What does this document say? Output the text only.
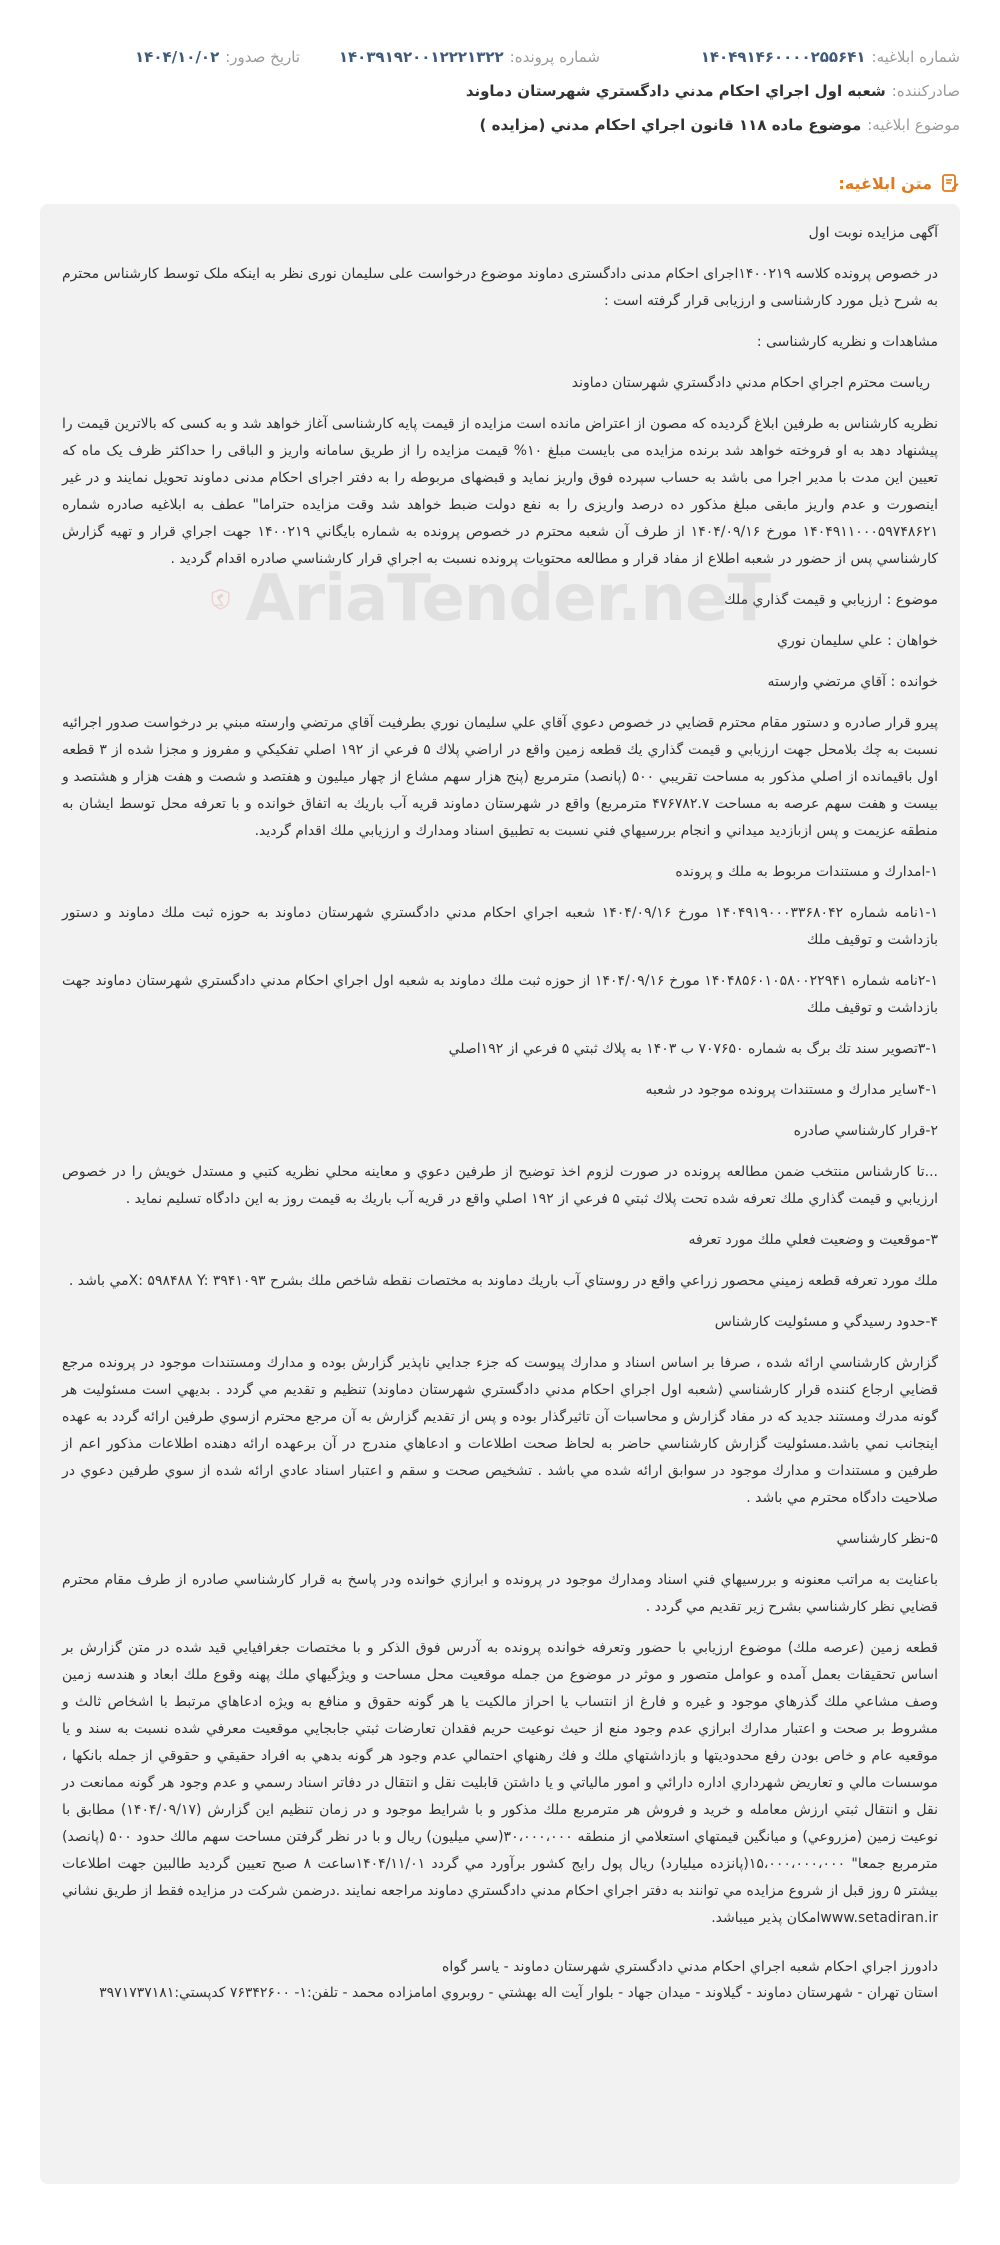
شماره ابلاغیه:۱۴۰۴۹۱۴۶۰۰۰۰۲۵۵۶۴۱
شماره پرونده:۱۴۰۳۹۱۹۲۰۰۱۲۲۲۱۳۲۲
تاریخ صدور:۱۴۰۴/۱۰/۰۲
صادرکننده:شعبه اول اجراي احكام مدني دادگستري شهرستان دماوند
موضوع ابلاغیه:موضوع ماده ۱۱۸ قانون اجراي احكام مدني (مزايده )
متن ابلاغیه:
AriaTender.neT
آگهی مزایده نوبت اول
در خصوص پرونده كلاسه ۱۴۰۰۲۱۹اجرای احکام مدنی دادگستری دماوند موضوع درخواست علی سلیمان نوری نظر به اینکه ملک توسط کارشناس محترم به شرح ذیل مورد کارشناسی و ارزیابی قرار گرفته است :
مشاهدات و نظریه کارشناسی :
رياست محترم اجراي احكام مدني دادگستري شهرستان دماوند
نظریه کارشناس به طرفین ابلاغ گردیده که مصون از اعتراض مانده است مزایده از قیمت پایه کارشناسی آغاز خواهد شد و به کسی که بالاترین قیمت را پیشنهاد دهد به او فروخته خواهد شد برنده مزایده می بایست مبلغ ۱۰% قیمت مزایده را از طریق سامانه واریز و الباقی را حداکثر ظرف یک ماه که تعیین این مدت با مدیر اجرا می باشد به حساب سپرده فوق واریز نماید و قبضهای مربوطه را به دفتر اجرای احکام مدنی دماوند تحویل نمایند و در غیر اینصورت و عدم واریز مابقی مبلغ مذکور ده درصد واریزی را به نفع دولت ضبط خواهد شد وقت مزايده حتراما" عطف به ابلاغيه صادره شماره ۱۴۰۴۹۱۱۰۰۰۵۹۷۴۸۶۲۱ مورخ ۱۴۰۴/۰۹/۱۶ از طرف آن شعبه محترم در خصوص پرونده به شماره بايگاني ۱۴۰۰۲۱۹ جهت اجراي قرار و تهيه گزارش كارشناسي پس از حضور در شعبه اطلاع از مفاد قرار و مطالعه محتويات پرونده نسبت به اجراي قرار كارشناسي صادره اقدام گرديد .
موضوع : ارزيابي و قيمت گذاري ملك
خواهان : علي سليمان نوري
خوانده : آقاي مرتضي وارسته
پيرو قرار صادره و دستور مقام محترم قضايي در خصوص دعوي آقاي علي سليمان نوري بطرفيت آقاي مرتضي وارسته مبني بر درخواست صدور اجرائيه نسبت به چك بلامحل جهت ارزيابي و قيمت گذاري يك قطعه زمين واقع در اراضي پلاك ۵ فرعي از ۱۹۲ اصلي تفكيكي و مفروز و مجزا شده از ۳ قطعه اول باقيمانده از اصلي مذكور به مساحت تقريبي ۵۰۰ (پانصد) مترمربع (پنج هزار سهم مشاع از چهار ميليون و هفتصد و شصت و هفت هزار و هشتصد و بيست و هفت سهم عرصه به مساحت ۴۷۶۷۸۲.۷ مترمربع) واقع در شهرستان دماوند قريه آب باريك به اتفاق خوانده و با تعرفه محل توسط ايشان به منطقه عزيمت و پس ازبازديد ميداني و انجام بررسيهاي فني نسبت به تطبيق اسناد ومدارك و ارزيابي ملك اقدام گرديد.
۱-امدارك و مستندات مربوط به ملك و پرونده
۱-۱نامه شماره ۱۴۰۴۹۱۹۰۰۰۳۳۶۸۰۴۲ مورخ ۱۴۰۴/۰۹/۱۶ شعبه اجراي احكام مدني دادگستري شهرستان دماوند به حوزه ثبت ملك دماوند و دستور بازداشت و توقيف ملك
۲-۱نامه شماره ۱۴۰۴۸۵۶۰۱۰۵۸۰۰۲۲۹۴۱ مورخ ۱۴۰۴/۰۹/۱۶ از حوزه ثبت ملك دماوند به شعبه اول اجراي احكام مدني دادگستري شهرستان دماوند جهت بازداشت و توقيف ملك
۳-۱تصوير سند تك برگ به شماره ۷۰۷۶۵۰ ب ۱۴۰۳ به پلاك ثبتي ۵ فرعي از ۱۹۲اصلي
۴-۱ساير مدارك و مستندات پرونده موجود در شعبه
۲-قرار كارشناسي صادره
...تا كارشناس منتخب ضمن مطالعه پرونده در صورت لزوم اخذ توضيح از طرفين دعوي و معاينه محلي نظريه كتبي و مستدل خويش را در خصوص ارزيابي و قيمت گذاري ملك تعرفه شده تحت پلاك ثبتي ۵ فرعي از ۱۹۲ اصلي واقع در قريه آب باريك به قيمت روز به اين دادگاه تسليم نمايد .
۳-موقعيت و وضعيت فعلي ملك مورد تعرفه
ملك مورد تعرفه قطعه زميني محصور زراعي واقع در روستاي آب باريك دماوند به مختصات نقطه شاخص ملك بشرح X: ۵۹۸۴۸۸ Y: ۳۹۴۱۰۹۳مي باشد .
۴-حدود رسيدگي و مسئوليت كارشناس
گزارش كارشناسي ارائه شده ، صرفا بر اساس اسناد و مدارك پيوست كه جزء جدايي ناپذير گزارش بوده و مدارك ومستندات موجود در پرونده مرجع قضايي ارجاع كننده قرار كارشناسي (شعبه اول اجراي احكام مدني دادگستري شهرستان دماوند) تنظيم و تقديم مي گردد . بديهي است مسئوليت هر گونه مدرك ومستند جديد كه در مفاد گزارش و محاسبات آن تاثيرگذار بوده و پس از تقديم گزارش به آن مرجع محترم ازسوي طرفين ارائه گردد به عهده اينجانب نمي باشد.مسئوليت گزارش كارشناسي حاضر به لحاظ صحت اطلاعات و ادعاهاي مندرج در آن برعهده ارائه دهنده اطلاعات مذكور اعم از طرفين و مستندات و مدارك موجود در سوابق ارائه شده مي باشد . تشخيص صحت و سقم و اعتبار اسناد عادي ارائه شده از سوي طرفين دعوي در صلاحيت دادگاه محترم مي باشد .
۵-نظر كارشناسي
باعنايت به مراتب معنونه و بررسيهاي فني اسناد ومدارك موجود در پرونده و ابرازي خوانده ودر پاسخ به قرار كارشناسي صادره از طرف مقام محترم قضايي نظر كارشناسي بشرح زير تقديم مي گردد .
قطعه زمين (عرصه ملك) موضوع ارزيابي با حضور وتعرفه خوانده پرونده به آدرس فوق الذكر و با مختصات جغرافيايي قيد شده در متن گزارش بر اساس تحقيقات بعمل آمده و عوامل متصور و موثر در موضوع من جمله موقعيت محل مساحت و ويژگيهاي ملك پهنه وقوع ملك ابعاد و هندسه زمين وصف مشاعي ملك گذرهاي موجود و غيره و فارغ از انتساب يا احراز مالكيت يا هر گونه حقوق و منافع به ويژه ادعاهاي مرتبط با اشخاص ثالث و مشروط بر صحت و اعتبار مدارك ابرازي عدم وجود منع از حيث نوعيت حريم فقدان تعارضات ثبتي جابجايي موقعيت معرفي شده نسبت به سند و يا موقعيه عام و خاص بودن رفع محدوديتها و بازداشتهاي ملك و فك رهنهاي احتمالي عدم وجود هر گونه بدهي به افراد حقيقي و حقوقي از جمله بانكها ، موسسات مالي و تعاريض شهرداري اداره دارائي و امور مالياتي و يا داشتن قابليت نقل و انتقال در دفاتر اسناد رسمي و عدم وجود هر گونه ممانعت در نقل و انتقال ثبتي ارزش معامله و خريد و فروش هر مترمربع ملك مذكور و با شرايط موجود و در زمان تنظيم اين گزارش (۱۴۰۴/۰۹/۱۷) مطابق با نوعيت زمين (مزروعي) و ميانگين قيمتهاي استعلامي از منطقه ۳۰،۰۰۰،۰۰۰(سي ميليون) ريال و با در نظر گرفتن مساحت سهم مالك حدود ۵۰۰ (پانصد) مترمربع جمعا" ۱۵،۰۰۰،۰۰۰،۰۰۰(پانزده ميليارد) ريال پول رايج كشور برآورد مي گردد ۱۴۰۴/۱۱/۰۱ساعت ۸ صبح تعيين گرديد طالبين جهت اطلاعات بيشتر ۵ روز قبل از شروع مزايده مي توانند به دفتر اجراي احكام مدني دادگستري دماوند مراجعه نمايند .درضمن شركت در مزايده فقط از طريق نشاني www.setadiran.irامكان پذير ميباشد.
دادورز اجراي احكام شعبه اجراي احكام مدني دادگستري شهرستان دماوند - ياسر گواه
استان تهران - شهرستان دماوند - گيلاوند - ميدان جهاد - بلوار آيت اله بهشتي - روبروي امامزاده محمد - تلفن:۱- ۷۶۳۴۲۶۰۰ كدپستي:۳۹۷۱۷۳۷۱۸۱
